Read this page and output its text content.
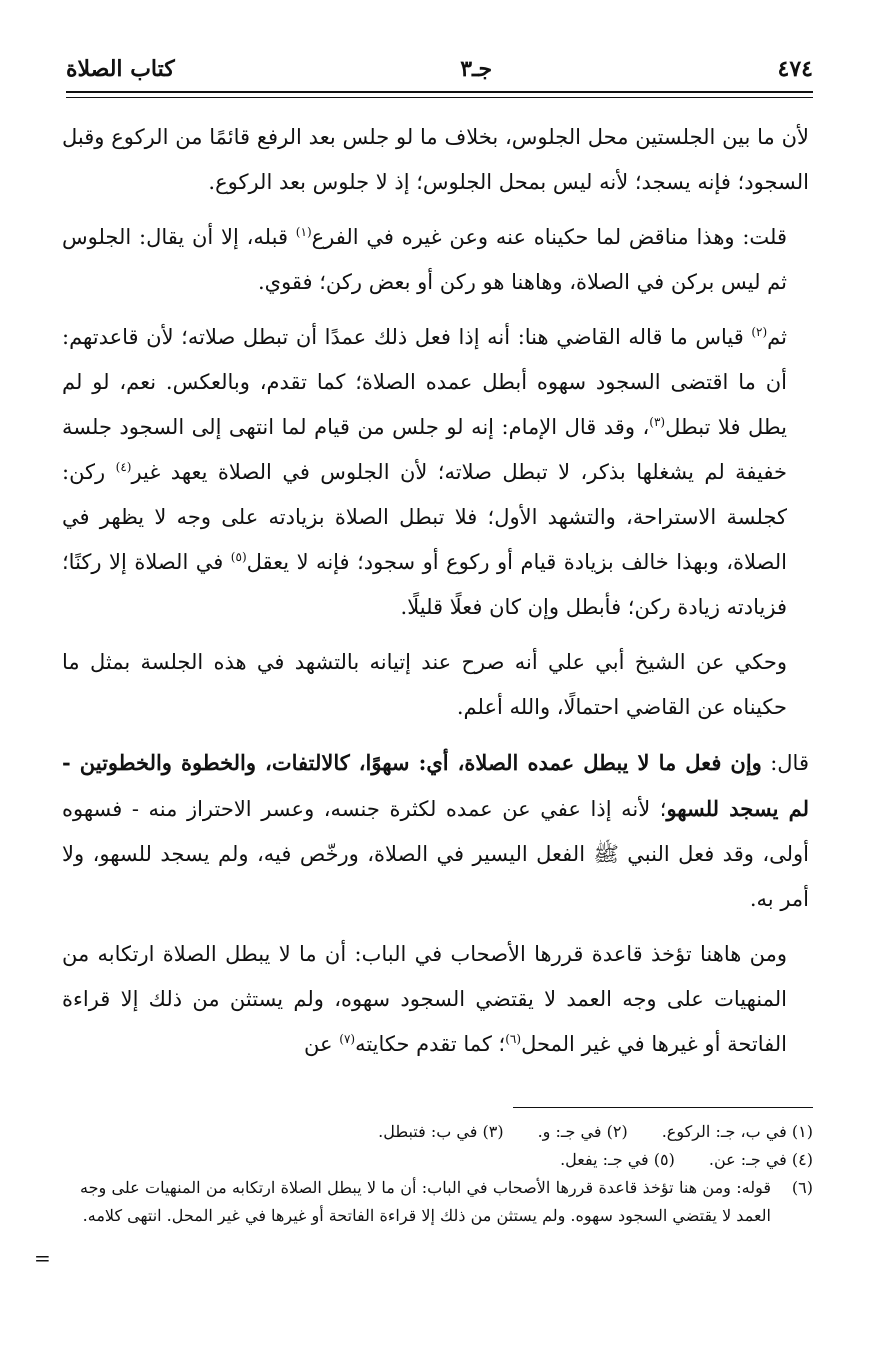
٤٧٤
جـ٣
كتاب الصلاة

لأن ما بين الجلستين محل الجلوس، بخلاف ما لو جلس بعد الرفع قائمًا من الركوع وقبل السجود؛ فإنه يسجد؛ لأنه ليس بمحل الجلوس؛ إذ لا جلوس بعد الركوع.

قلت: وهذا مناقض لما حكيناه عنه وعن غيره في الفرع$^{(١)}$ قبله، إلا أن يقال: الجلوس ثم ليس بركن في الصلاة، وهاهنا هو ركن أو بعض ركن؛ فقوي.

ثم$^{(٢)}$ قياس ما قاله القاضي هنا: أنه إذا فعل ذلك عمدًا أن تبطل صلاته؛ لأن قاعدتهم: أن ما اقتضى السجود سهوه أبطل عمده الصلاة؛ كما تقدم، وبالعكس. نعم، لو لم يطل فلا تبطل$^{(٣)}$، وقد قال الإمام: إنه لو جلس من قيام لما انتهى إلى السجود جلسة خفيفة لم يشغلها بذكر، لا تبطل صلاته؛ لأن الجلوس في الصلاة يعهد غير$^{(٤)}$ ركن: كجلسة الاستراحة، والتشهد الأول؛ فلا تبطل الصلاة بزيادته على وجه لا يظهر في الصلاة، وبهذا خالف بزيادة قيام أو ركوع أو سجود؛ فإنه لا يعقل$^{(٥)}$ في الصلاة إلا ركنًا؛ فزيادته زيادة ركن؛ فأبطل وإن كان فعلًا قليلًا.

وحكي عن الشيخ أبي علي أنه صرح عند إتيانه بالتشهد في هذه الجلسة بمثل ما حكيناه عن القاضي احتمالًا، والله أعلم.

قال: وإن فعل ما لا يبطل عمده الصلاة، أي: سهوًا، كالالتفات، والخطوة والخطوتين - لم يسجد للسهو؛ لأنه إذا عفي عن عمده لكثرة جنسه، وعسر الاحتراز منه - فسهوه أولى، وقد فعل النبي ﷺ الفعل اليسير في الصلاة، ورخّص فيه، ولم يسجد للسهو، ولا أمر به.

ومن هاهنا تؤخذ قاعدة قررها الأصحاب في الباب: أن ما لا يبطل الصلاة ارتكابه من المنهيات على وجه العمد لا يقتضي السجود سهوه، ولم يستثن من ذلك إلا قراءة الفاتحة أو غيرها في غير المحل$^{(٦)}$؛ كما تقدم حكايته$^{(٧)}$ عن

(١) في ب، جـ: الركوع.
(٢) في جـ: و.
(٣) في ب: فتبطل.
(٤) في جـ: عن.
(٥) في جـ: يفعل.
(٦)
قوله: ومن هنا تؤخذ قاعدة قررها الأصحاب في الباب: أن ما لا يبطل الصلاة ارتكابه من المنهيات على وجه العمد لا يقتضي السجود سهوه. ولم يستثن من ذلك إلا قراءة الفاتحة أو غيرها في غير المحل. انتهى كلامه.
=
